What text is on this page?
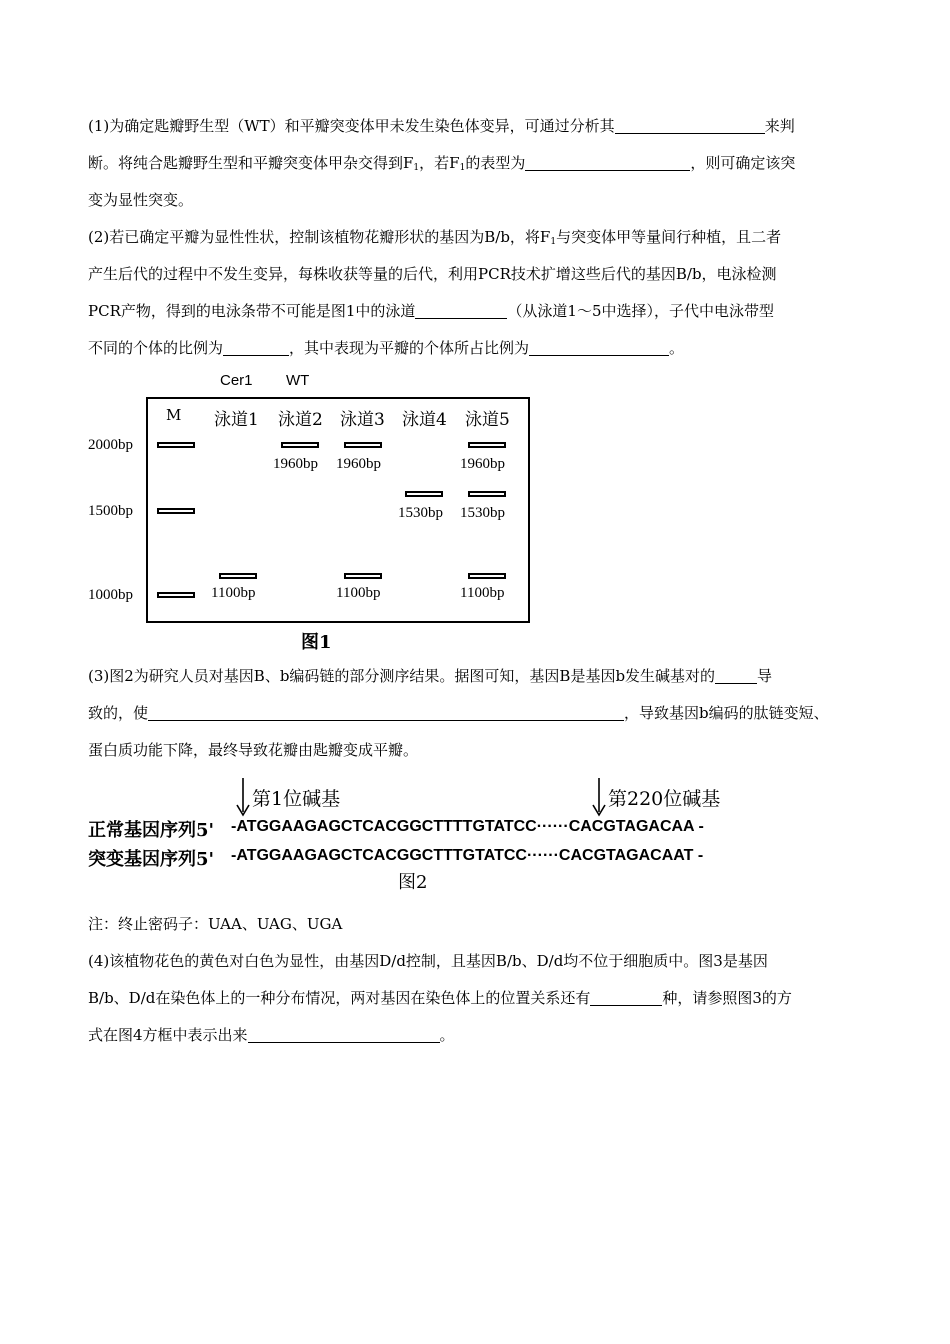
(1)为确定匙瓣野生型（WT）和平瓣突变体甲未发生染色体变异，可通过分析其	来判
断。将纯合匙瓣野生型和平瓣突变体甲杂交得到$F_1$，若$F_1$的表型为	，则可确定该突
变为显性突变。
(2)若已确定平瓣为显性性状，控制该植物花瓣形状的基因为B/b，将$F_1$与突变体甲等量间行种植，且二者
产生后代的过程中不发生变异，每株收获等量的后代，利用PCR技术扩增这些后代的基因B/b，电泳检测
PCR产物，得到的电泳条带不可能是图1中的泳道	（从泳道1～5中选择），子代中电泳带型
不同的个体的比例为	，其中表现为平瓣的个体所占比例为	。
Cer1 WT
M 泳道1 泳道2 泳道3 泳道4 泳道5
2000bp
1500bp
1000bp
1960bp 1960bp	1960bp
1530bp 1530bp
1100bp	1100bp	1100bp
图1
(3)图2为研究人员对基因B、b编码链的部分测序结果。据图可知，基因B是基因b发生碱基对的	导
致的，使	，导致基因b编码的肽链变短、
蛋白质功能下降，最终导致花瓣由匙瓣变成平瓣。
第1位碱基	第220位碱基
正常基因序列5' -ATGGAAGAGCTCACGGCTTTTGTATCC······CACGTAGACAA -
突变基因序列5' -ATGGAAGAGCTCACGGCTTTGTATCC······CACGTAGACAAT -
图2
注：终止密码子：UAA、UAG、UGA
(4)该植物花色的黄色对白色为显性，由基因D/d控制，且基因B/b、D/d均不位于细胞质中。图3是基因
B/b、D/d在染色体上的一种分布情况，两对基因在染色体上的位置关系还有	种，请参照图3的方
式在图4方框中表示出来	。
